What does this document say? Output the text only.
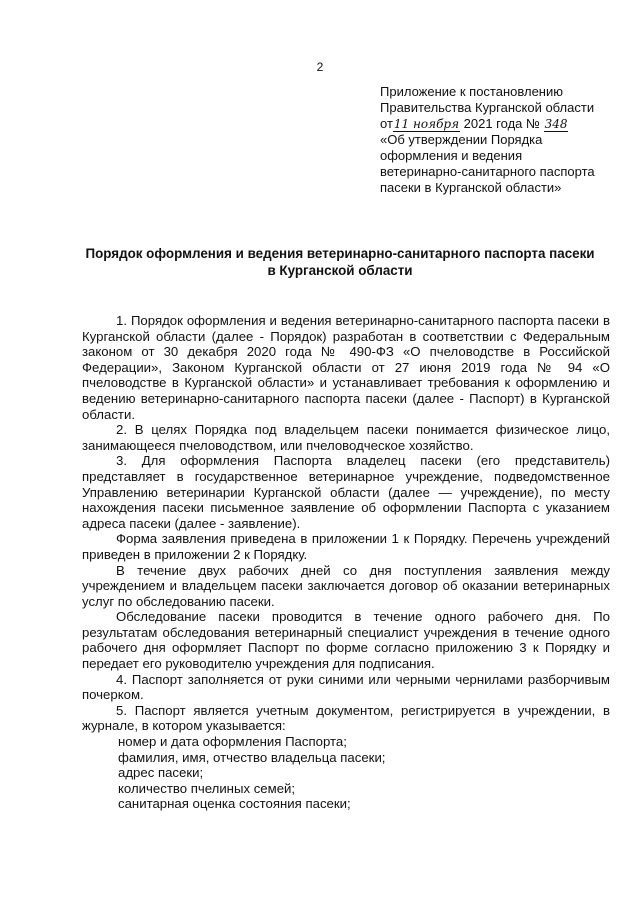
2
Приложение к постановлению
Правительства Курганской области
от11 ноября 2021 года № 348
«Об утверждении Порядка
оформления и ведения
ветеринарно-санитарного паспорта
пасеки в Курганской области»
Порядок оформления и ведения ветеринарно-санитарного паспорта пасеки
в Курганской области

1. Порядок оформления и ведения ветеринарно-санитарного паспорта пасеки в Курганской области (далее - Порядок) разработан в соответствии с Федеральным законом от 30 декабря 2020 года № 490-ФЗ «О пчеловодстве в Российской Федерации», Законом Курганской области от 27 июня 2019 года № 94 «О пчеловодстве в Курганской области» и устанавливает требования к оформлению и ведению ветеринарно-санитарного паспорта пасеки (далее - Паспорт) в Курганской области.

2. В целях Порядка под владельцем пасеки понимается физическое лицо, занимающееся пчеловодством, или пчеловодческое хозяйство.

3. Для оформления Паспорта владелец пасеки (его представитель) представляет в государственное ветеринарное учреждение, подведомственное Управлению ветеринарии Курганской области (далее — учреждение), по месту нахождения пасеки письменное заявление об оформлении Паспорта с указанием адреса пасеки (далее - заявление).

Форма заявления приведена в приложении 1 к Порядку. Перечень учреждений приведен в приложении 2 к Порядку.

В течение двух рабочих дней со дня поступления заявления между учреждением и владельцем пасеки заключается договор об оказании ветеринарных услуг по обследованию пасеки.

Обследование пасеки проводится в течение одного рабочего дня. По результатам обследования ветеринарный специалист учреждения в течение одного рабочего дня оформляет Паспорт по форме согласно приложению 3 к Порядку и передает его руководителю учреждения для подписания.

4. Паспорт заполняется от руки синими или черными чернилами разборчивым почерком.

5. Паспорт является учетным документом, регистрируется в учреждении, в журнале, в котором указывается:

номер и дата оформления Паспорта;

фамилия, имя, отчество владельца пасеки;

адрес пасеки;

количество пчелиных семей;

санитарная оценка состояния пасеки;
